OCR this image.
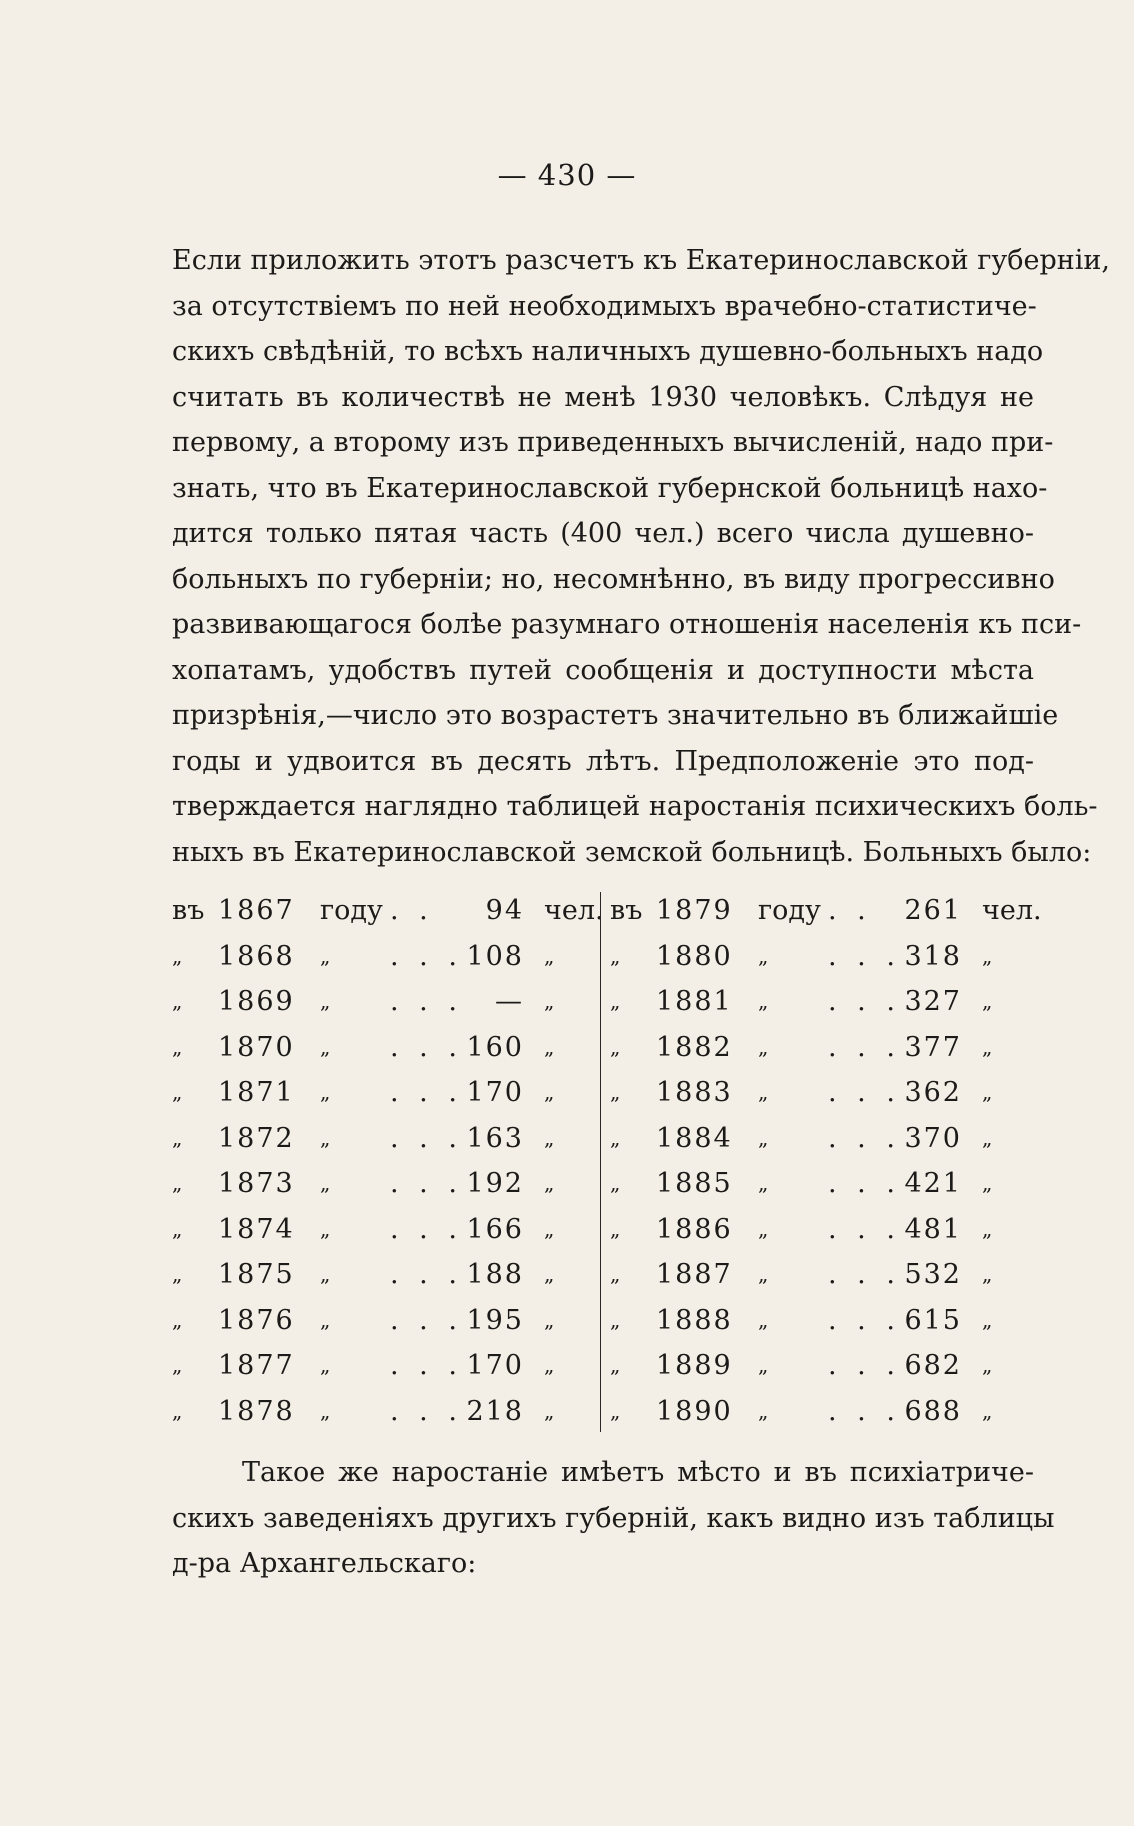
— 430 —
Если приложить этотъ разсчетъ къ Екатеринославской губерніи,
за отсутствіемъ по ней необходимыхъ врачебно-статистиче-
скихъ свѣдѣній, то всѣхъ наличныхъ душевно-больныхъ надо
считать въ количествѣ не менѣ 1930 человѣкъ. Слѣдуя не
первому, а второму изъ приведенныхъ вычисленій, надо при-
знать, что въ Екатеринославской губернской больницѣ нахо-
дится только пятая часть (400 чел.) всего числа душевно-
больныхъ по губерніи; но, несомнѣнно, въ виду прогрессивно
развивающагося болѣе разумнаго отношенія населенія къ пси-
хопатамъ, удобствъ путей сообщенія и доступности мѣста
призрѣнія,—число это возрастетъ значительно въ ближайшіе
годы и удвоится въ десять лѣтъ. Предположеніе это под-
тверждается наглядно таблицей наростанія психическихъ боль-
ныхъ въ Екатеринославской земской больницѣ. Больныхъ было:
въ 1867 году . .	94 чел.
„	1868 „	. . . 108 „
„	1869 „	. . .	— „
„	1870 „	. . . 160 „
„	1871 „	. . . 170 „
„	1872 „	. . . 163 „
„	1873 „	. . . 192 „
„	1874 „	. . . 166 „
„	1875 „	. . . 188 „
„	1876 „	. . . 195 „
„	1877 „	. . . 170 „
„	1878 „	. . . 218 „
въ 1879 году . .	261 чел.
„	1880 „	. . . 318 „
„	1881 „	. . . 327 „
„	1882 „	. . . 377 „
„	1883 „	. . . 362 „
„	1884 „	. . . 370 „
„	1885 „	. . . 421 „
„	1886 „	. . . 481 „
„	1887 „	. . . 532 „
„	1888 „	. . . 615 „
„	1889 „	. . . 682 „
„	1890 „	. . . 688 „
Такое же наростаніе имѣетъ мѣсто и въ психіатриче-
скихъ заведеніяхъ другихъ губерній, какъ видно изъ таблицы
д-ра Архангельскаго:
